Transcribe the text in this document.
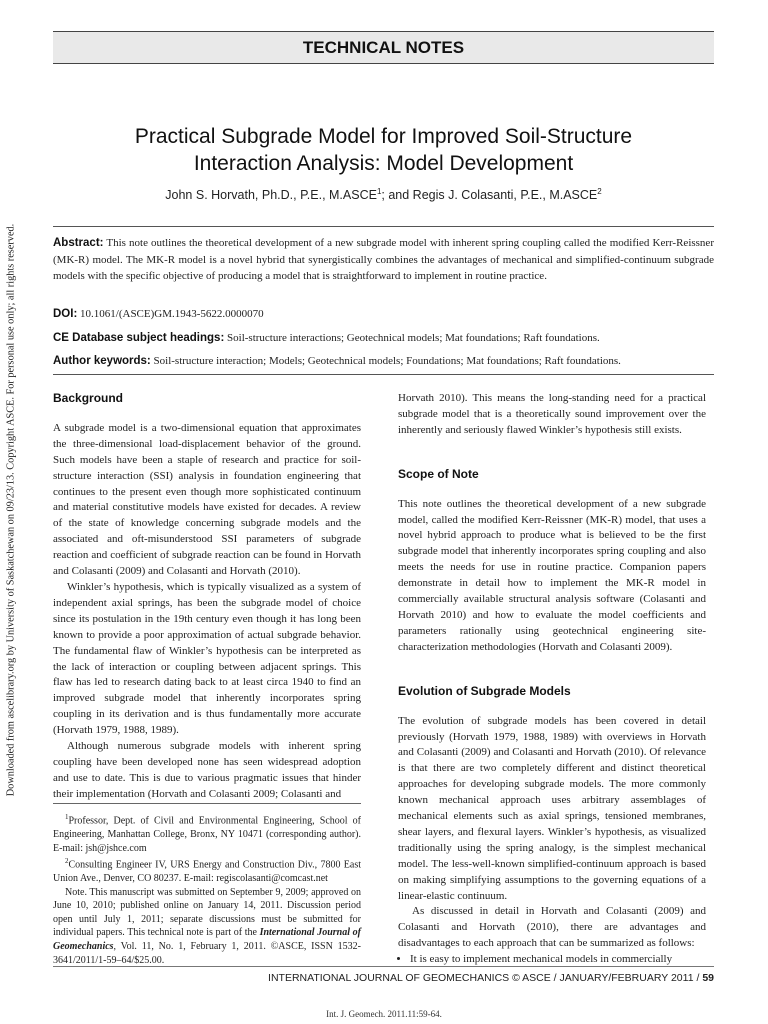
Downloaded from ascelibrary.org by University of Saskatchewan on 09/23/13. Copyright ASCE. For personal use only; all rights reserved.
TECHNICAL NOTES
Practical Subgrade Model for Improved Soil-Structure
Interaction Analysis: Model Development
John S. Horvath, Ph.D., P.E., M.ASCE$^1$; and Regis J. Colasanti, P.E., M.ASCE$^2$
Abstract: This note outlines the theoretical development of a new subgrade model with inherent spring coupling called the modified Kerr-Reissner (MK-R) model. The MK-R model is a novel hybrid that synergistically combines the advantages of mechanical and simplified-continuum subgrade models with the specific objective of producing a model that is straightforward to implement in routine practice.
DOI: 10.1061/(ASCE)GM.1943-5622.0000070
CE Database subject headings: Soil-structure interactions; Geotechnical models; Mat foundations; Raft foundations.
Author keywords: Soil-structure interaction; Models; Geotechnical models; Foundations; Mat foundations; Raft foundations.
Background

A subgrade model is a two-dimensional equation that approximates the three-dimensional load-displacement behavior of the ground. Such models have been a staple of research and practice for soil-structure interaction (SSI) analysis in foundation engineering that continues to the present even though more sophisticated continuum and material constitutive models have existed for decades. A review of the state of knowledge concerning subgrade models and the associated and oft-misunderstood SSI parameters of subgrade reaction and coefficient of subgrade reaction can be found in Horvath and Colasanti (2009) and Colasanti and Horvath (2010).

Winkler’s hypothesis, which is typically visualized as a system of independent axial springs, has been the subgrade model of choice since its postulation in the 19th century even though it has long been known to provide a poor approximation of actual subgrade behavior. The fundamental flaw of Winkler’s hypothesis can be interpreted as the lack of interaction or coupling between adjacent springs. This flaw has led to research dating back to at least circa 1940 to find an improved subgrade model that inherently incorporates spring coupling in its derivation and is thus fundamentally more accurate (Horvath 1979, 1988, 1989).

Although numerous subgrade models with inherent spring coupling have been developed none has seen widespread adoption and use to date. This is due to various pragmatic issues that hinder their implementation (Horvath and Colasanti 2009; Colasanti and

$^1$Professor, Dept. of Civil and Environmental Engineering, School of Engineering, Manhattan College, Bronx, NY 10471 (corresponding author). E-mail: jsh@jshce.com

$^2$Consulting Engineer IV, URS Energy and Construction Div., 7800 East Union Ave., Denver, CO 80237. E-mail: regiscolasanti@comcast.net

Note. This manuscript was submitted on September 9, 2009; approved on June 10, 2010; published online on January 14, 2011. Discussion period open until July 1, 2011; separate discussions must be submitted for individual papers. This technical note is part of the International Journal of Geomechanics, Vol. 11, No. 1, February 1, 2011. ©ASCE, ISSN 1532-3641/2011/1-59–64/$25.00.

Horvath 2010). This means the long-standing need for a practical subgrade model that is a theoretically sound improvement over the inherently and seriously flawed Winkler’s hypothesis still exists.

Scope of Note

This note outlines the theoretical development of a new subgrade model, called the modified Kerr-Reissner (MK-R) model, that uses a novel hybrid approach to produce what is believed to be the first subgrade model that inherently incorporates spring coupling and also meets the needs for use in routine practice. Companion papers demonstrate in detail how to implement the MK-R model in commercially available structural analysis software (Colasanti and Horvath 2010) and how to evaluate the model coefficients and parameters rationally using geotechnical engineering site-characterization methodologies (Horvath and Colasanti 2009).

Evolution of Subgrade Models

The evolution of subgrade models has been covered in detail previously (Horvath 1979, 1988, 1989) with overviews in Horvath and Colasanti (2009) and Colasanti and Horvath (2010). Of relevance is that there are two completely different and distinct theoretical approaches for developing subgrade models. The more commonly known mechanical approach uses arbitrary assemblages of mechanical elements such as axial springs, tensioned membranes, shear layers, and flexural layers. Winkler’s hypothesis, as visualized traditionally using the spring analogy, is the simplest mechanical model. The less-well-known simplified-continuum approach is based on making simplifying assumptions to the governing equations of a linear-elastic continuum.

As discussed in detail in Horvath and Colasanti (2009) and Colasanti and Horvath (2010), there are advantages and disadvantages to each approach that can be summarized as follows:

• It is easy to implement mechanical models in commercially
INTERNATIONAL JOURNAL OF GEOMECHANICS © ASCE / JANUARY/FEBRUARY 2011 / 59
Int. J. Geomech. 2011.11:59-64.
